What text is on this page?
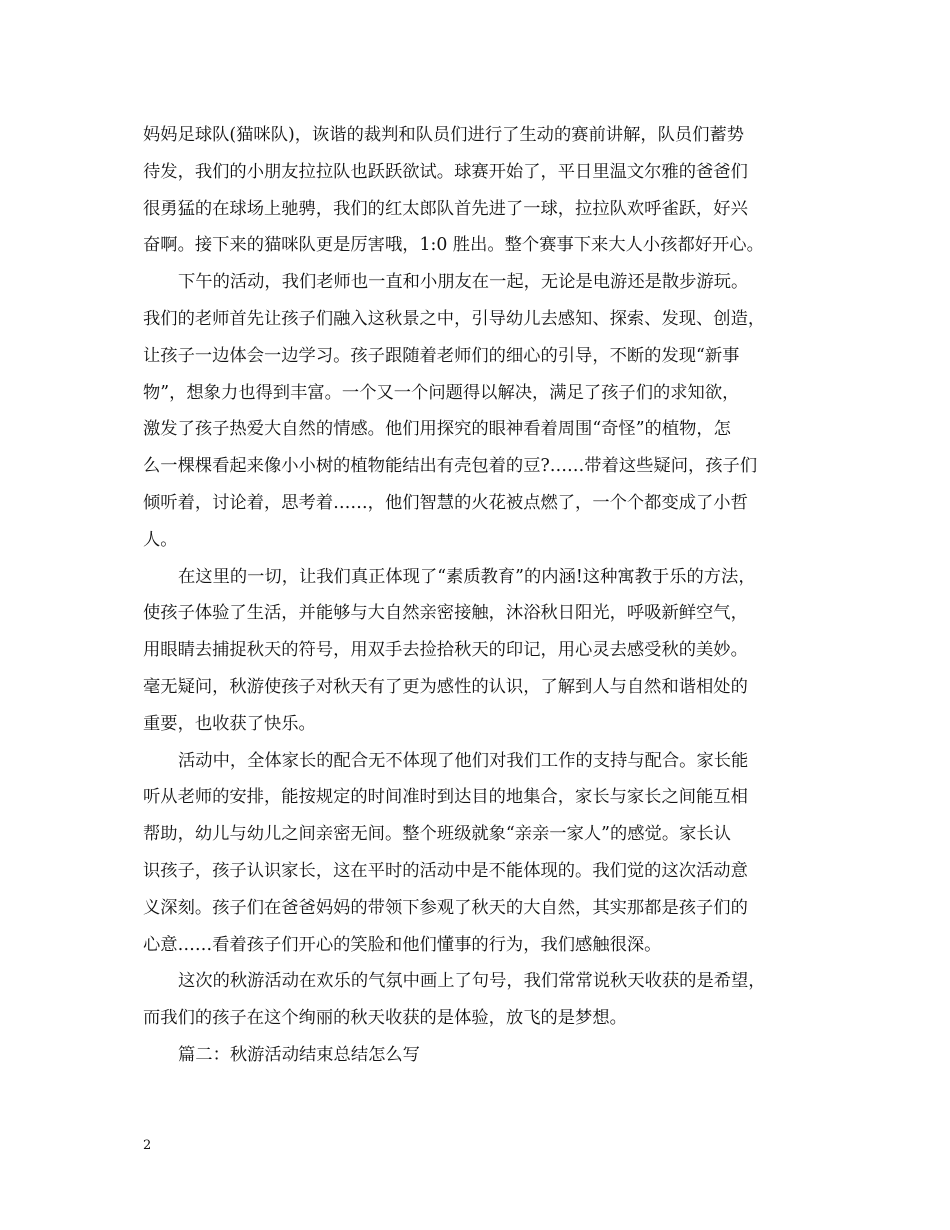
妈妈足球队(猫咪队)，诙谐的裁判和队员们进行了生动的赛前讲解，队员们蓄势
待发，我们的小朋友拉拉队也跃跃欲试。球赛开始了，平日里温文尔雅的爸爸们
很勇猛的在球场上驰骋，我们的红太郎队首先进了一球，拉拉队欢呼雀跃，好兴
奋啊。接下来的猫咪队更是厉害哦，1:0 胜出。整个赛事下来大人小孩都好开心。
下午的活动，我们老师也一直和小朋友在一起，无论是电游还是散步游玩。
我们的老师首先让孩子们融入这秋景之中，引导幼儿去感知、探索、发现、创造，
让孩子一边体会一边学习。孩子跟随着老师们的细心的引导，不断的发现“新事
物”，想象力也得到丰富。一个又一个问题得以解决，满足了孩子们的求知欲，
激发了孩子热爱大自然的情感。他们用探究的眼神看着周围“奇怪”的植物，怎
么一棵棵看起来像小小树的植物能结出有壳包着的豆?……带着这些疑问，孩子们
倾听着，讨论着，思考着……，他们智慧的火花被点燃了，一个个都变成了小哲
人。
在这里的一切，让我们真正体现了“素质教育”的内涵!这种寓教于乐的方法，
使孩子体验了生活，并能够与大自然亲密接触，沐浴秋日阳光，呼吸新鲜空气，
用眼睛去捕捉秋天的符号，用双手去捡拾秋天的印记，用心灵去感受秋的美妙。
毫无疑问，秋游使孩子对秋天有了更为感性的认识，了解到人与自然和谐相处的
重要，也收获了快乐。
活动中，全体家长的配合无不体现了他们对我们工作的支持与配合。家长能
听从老师的安排，能按规定的时间准时到达目的地集合，家长与家长之间能互相
帮助，幼儿与幼儿之间亲密无间。整个班级就象“亲亲一家人”的感觉。家长认
识孩子，孩子认识家长，这在平时的活动中是不能体现的。我们觉的这次活动意
义深刻。孩子们在爸爸妈妈的带领下参观了秋天的大自然，其实那都是孩子们的
心意……看着孩子们开心的笑脸和他们懂事的行为，我们感触很深。
这次的秋游活动在欢乐的气氛中画上了句号，我们常常说秋天收获的是希望，
而我们的孩子在这个绚丽的秋天收获的是体验，放飞的是梦想。
篇二：秋游活动结束总结怎么写
2
